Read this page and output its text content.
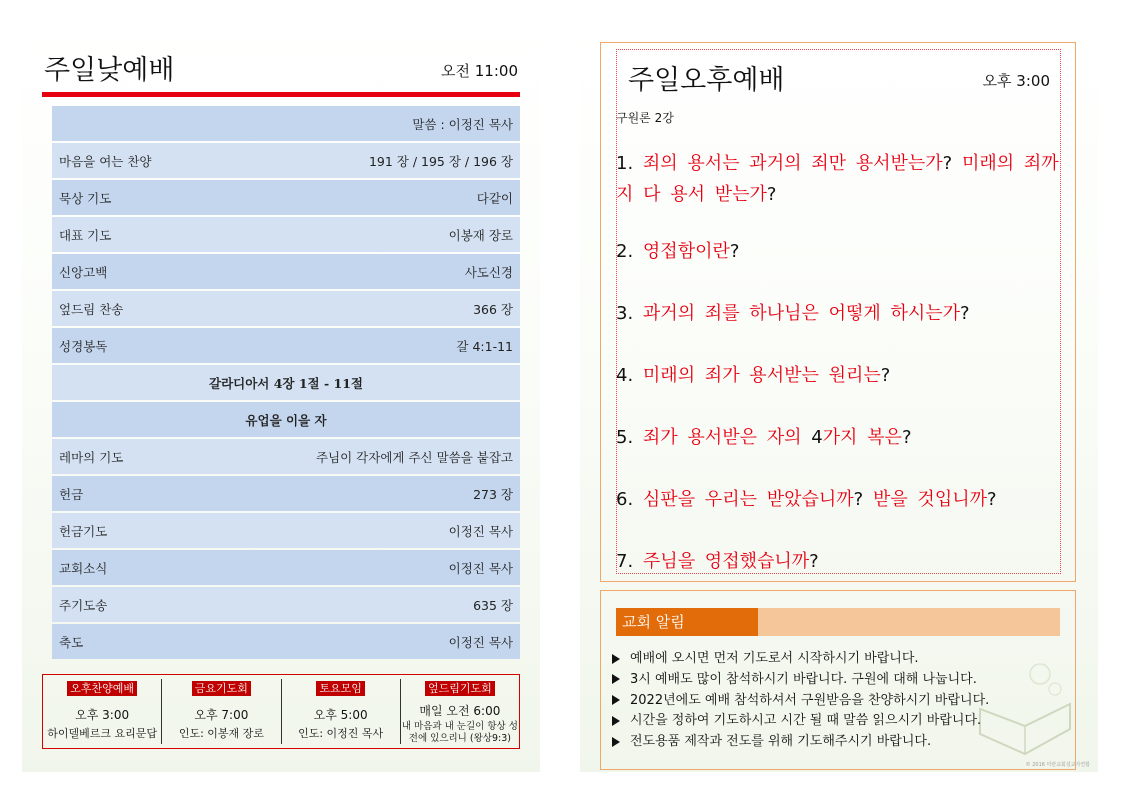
주일낮예배	오전 11:00
말씀 : 이정진 목사
마음을 여는 찬양	191 장 / 195 장 / 196 장
묵상 기도	다같이
대표 기도	이봉재 장로
신앙고백	사도신경
엎드림 찬송	366 장
성경봉독	갈 4:1-11
갈라디아서 4장 1절 - 11절
유업을 이을 자
레마의 기도	주님이 각자에게 주신 말씀을 붙잡고
헌금	273 장
헌금기도	이정진 목사
교회소식	이정진 목사
주기도송	635 장
축도	이정진 목사
오후찬양예배
오후 3:00
하이델베르크 요리문답
금요기도회
오후 7:00
인도: 이봉재 장로
토요모임
오후 5:00
인도: 이정진 목사
엎드림기도회
매일 오전 6:00
내 마음과 내 눈길이 항상 성전에 있으리니 (왕상9:3)
주일오후예배	오후 3:00
구원론 2강

1. 죄의 용서는 과거의 죄만 용서받는가? 미래의 죄까지 다 용서 받는가?

2. 영접함이란?

3. 과거의 죄를 하나님은 어떻게 하시는가?

4. 미래의 죄가 용서받는 원리는?

5. 죄가 용서받은 자의 4가지 복은?

6. 심판을 우리는 받았습니까? 받을 것입니까?

7. 주님을 영접했습니까?

교회 알림
예배에 오시면 먼저 기도로서 시작하시기 바랍니다.
3시 예배도 많이 참석하시기 바랍니다. 구원에 대해 나눕니다.
2022년에도 예배 참석하셔서 구원받음을 찬양하시기 바랍니다.
시간을 정하여 기도하시고 시간 될 때 말씀 읽으시기 바랍니다.
전도용품 제작과 전도를 위해 기도해주시기 바랍니다.
© 2016 미란교회설교자연합
